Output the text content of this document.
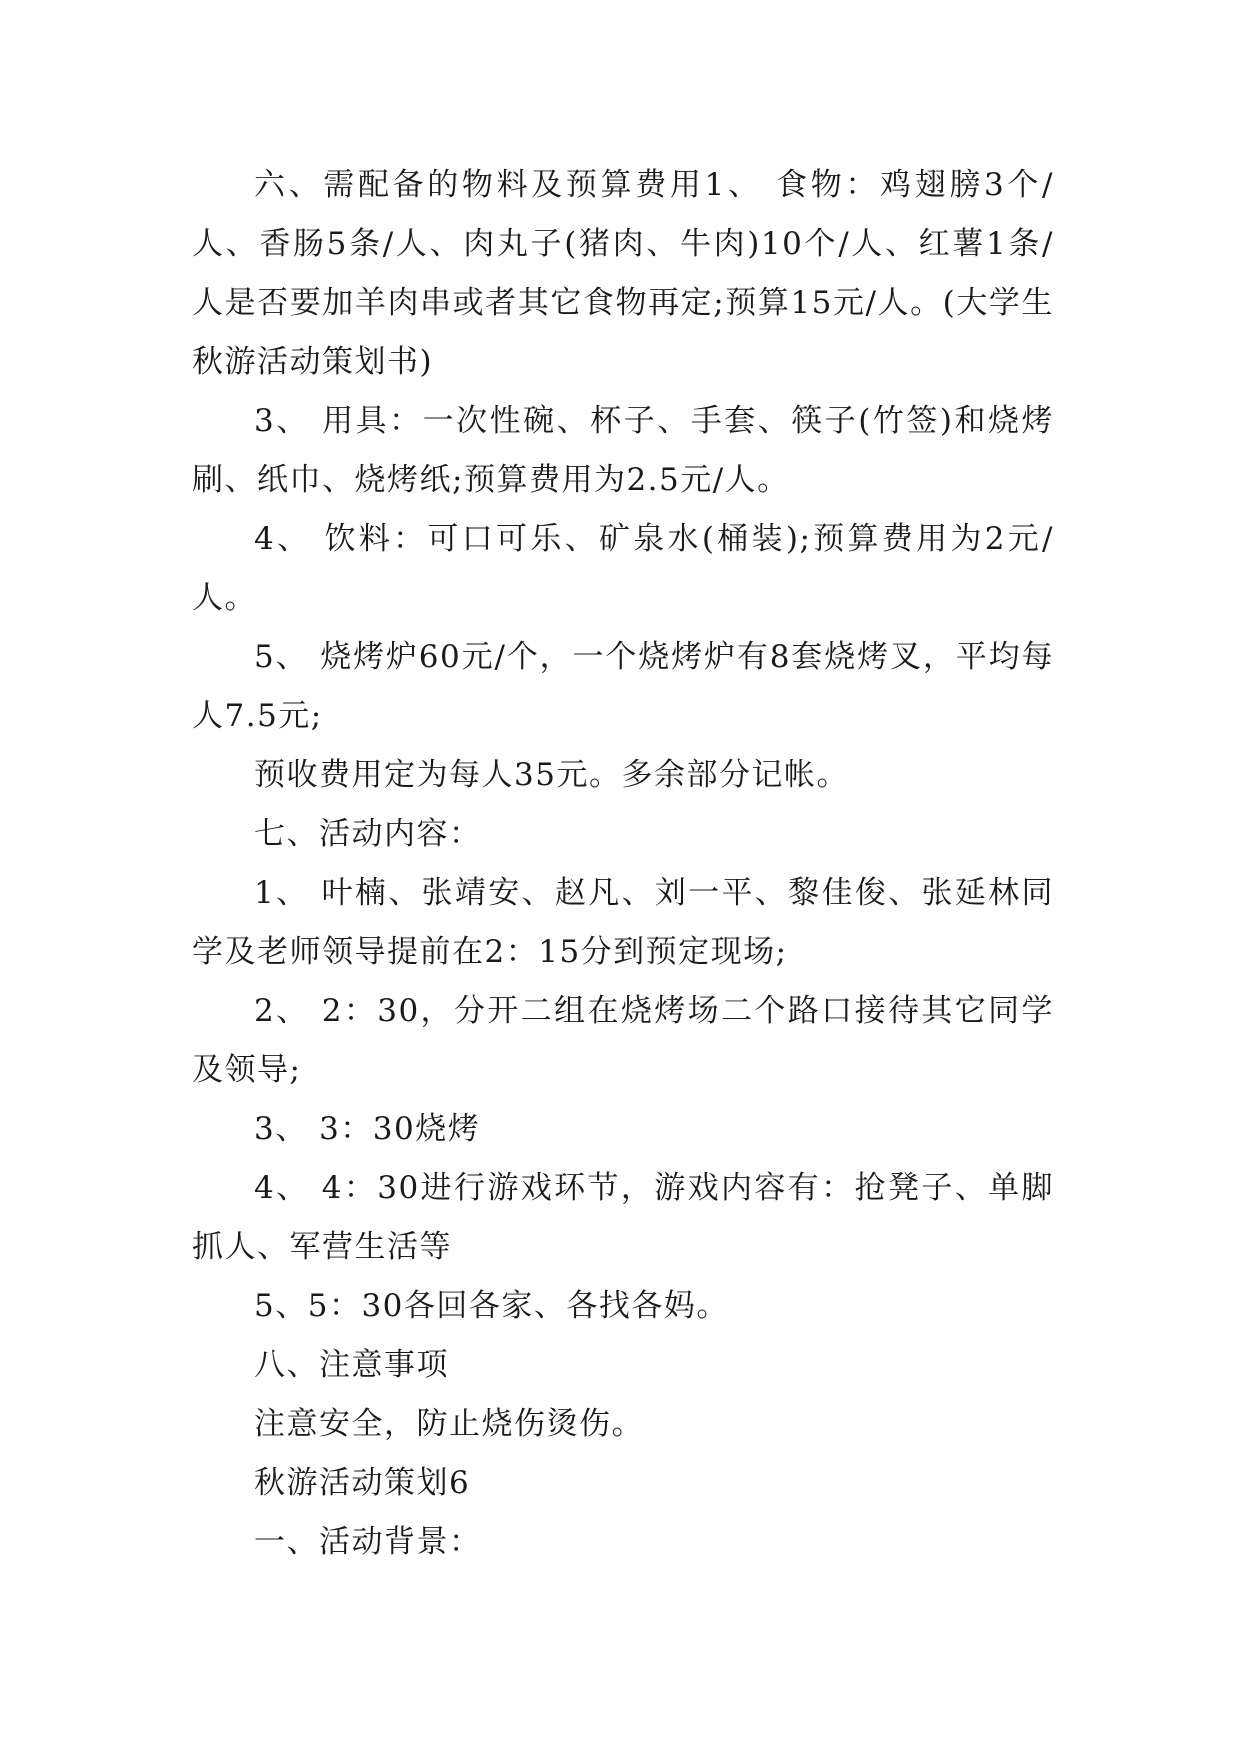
六、需配备的物料及预算费用1、 食物：鸡翅膀3个/人、香肠5条/人、肉丸子(猪肉、牛肉)10个/人、红薯1条/人是否要加羊肉串或者其它食物再定;预算15元/人。(大学生秋游活动策划书)

3、 用具：一次性碗、杯子、手套、筷子(竹签)和烧烤刷、纸巾、烧烤纸;预算费用为2.5元/人。

4、 饮料：可口可乐、矿泉水(桶装);预算费用为2元/人。

5、 烧烤炉60元/个，一个烧烤炉有8套烧烤叉，平均每人7.5元;

预收费用定为每人35元。多余部分记帐。

七、活动内容：

1、 叶楠、张靖安、赵凡、刘一平、黎佳俊、张延林同学及老师领导提前在2：15分到预定现场;

2、 2：30，分开二组在烧烤场二个路口接待其它同学及领导;

3、 3：30烧烤

4、 4：30进行游戏环节，游戏内容有：抢凳子、单脚抓人、军营生活等

5、5：30各回各家、各找各妈。

八、注意事项

注意安全，防止烧伤烫伤。

秋游活动策划6

一、活动背景：
